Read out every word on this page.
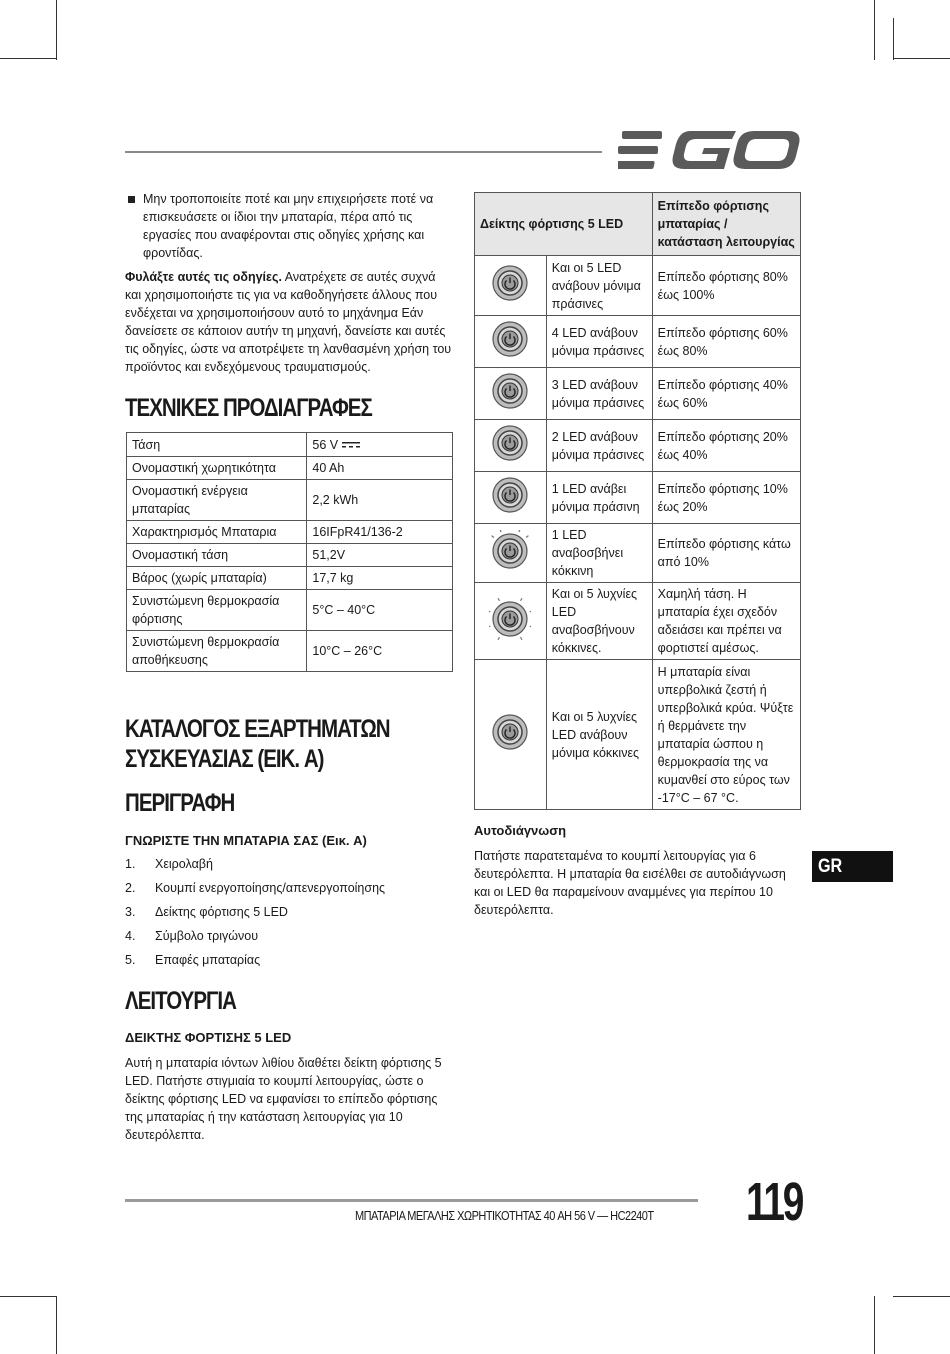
Μην τροποποιείτε ποτέ και μην επιχειρήσετε ποτέ να επισκευάσετε οι ίδιοι την μπαταρία, πέρα από τις εργασίες που αναφέρονται στις οδηγίες χρήσης και φροντίδας.
Φυλάξτε αυτές τις οδηγίες. Ανατρέχετε σε αυτές συχνά και χρησιμοποιήστε τις για να καθοδηγήσετε άλλους που ενδέχεται να χρησιμοποιήσουν αυτό το μηχάνημα Εάν δανείσετε σε κάποιον αυτήν τη μηχανή, δανείστε και αυτές τις οδηγίες, ώστε να αποτρέψετε τη λανθασμένη χρήση του προϊόντος και ενδεχόμενους τραυματισμούς.
ΤΕΧΝΙΚΕΣ ΠΡΟΔΙΑΓΡΑΦΕΣ
Τάση	56 V
Ονομαστική χωρητικότητα	40 Ah
Ονομαστική ενέργεια μπαταρίας	2,2 kWh
Χαρακτηρισμός Μπαταρια	16IFpR41/136-2
Ονομαστική τάση	51,2V
Βάρος (χωρίς μπαταρία)	17,7 kg
Συνιστώμενη θερμοκρασία φόρτισης	5°C – 40°C
Συνιστώμενη θερμοκρασία αποθήκευσης	10°C – 26°C
ΚΑΤΑΛΟΓΟΣ ΕΞΑΡΤΗΜΑΤΩΝ
ΣΥΣΚΕΥΑΣΙΑΣ (ΕΙΚ. A)
ΠΕΡΙΓΡΑΦΗ
ΓΝΩΡΙΣΤΕ ΤΗΝ ΜΠΑΤΑΡΙΑ ΣΑΣ (Εικ. A)
1.	Χειρολαβή
2.	Κουμπί ενεργοποίησης/απενεργοποίησης
3.	Δείκτης φόρτισης 5 LED
4.	Σύμβολο τριγώνου
5.	Επαφές μπαταρίας
ΛΕΙΤΟΥΡΓΙΑ
ΔΕΙΚΤΗΣ ΦΟΡΤΙΣΗΣ 5 LED
Αυτή η μπαταρία ιόντων λιθίου διαθέτει δείκτη φόρτισης 5 LED. Πατήστε στιγμιαία το κουμπί λειτουργίας, ώστε ο δείκτης φόρτισης LED να εμφανίσει το επίπεδο φόρτισης της μπαταρίας ή την κατάσταση λειτουργίας για 10 δευτερόλεπτα.
Δείκτης φόρτισης 5 LED		Επίπεδο φόρτισης μπαταρίας / κατάσταση λειτουργίας
	Και οι 5 LED ανάβουν μόνιμα πράσινες	Επίπεδο φόρτισης 80% έως 100%
	4 LED ανάβουν μόνιμα πράσινες	Επίπεδο φόρτισης 60% έως 80%
	3 LED ανάβουν μόνιμα πράσινες	Επίπεδο φόρτισης 40% έως 60%
	2 LED ανάβουν μόνιμα πράσινες	Επίπεδο φόρτισης 20% έως 40%
	1 LED ανάβει μόνιμα πράσινη	Επίπεδο φόρτισης 10% έως 20%
	1 LED αναβοσβήνει κόκκινη	Επίπεδο φόρτισης κάτω από 10%
	Και οι 5 λυχνίες LED αναβοσβήνουν κόκκινες.	Χαμηλή τάση. Η μπαταρία έχει σχεδόν αδειάσει και πρέπει να φορτιστεί αμέσως.
	Και οι 5 λυχνίες LED ανάβουν μόνιμα κόκκινες	Η μπαταρία είναι υπερβολικά ζεστή ή υπερβολικά κρύα. Ψύξτε ή θερμάνετε την μπαταρία ώσπου η θερμοκρασία της να κυμανθεί στο εύρος των -17°C – 67 °C.
Αυτοδιάγνωση
Πατήστε παρατεταμένα το κουμπί λειτουργίας για 6 δευτερόλεπτα. Η μπαταρία θα εισέλθει σε αυτοδιάγνωση και οι LED θα παραμείνουν αναμμένες για περίπου 10 δευτερόλεπτα.
GR
ΜΠΑΤΑΡΙΑ ΜΕΓΑΛΗΣ ΧΩΡΗΤΙΚΟΤΗΤΑΣ 40 AH 56 V — HC2240T 119
